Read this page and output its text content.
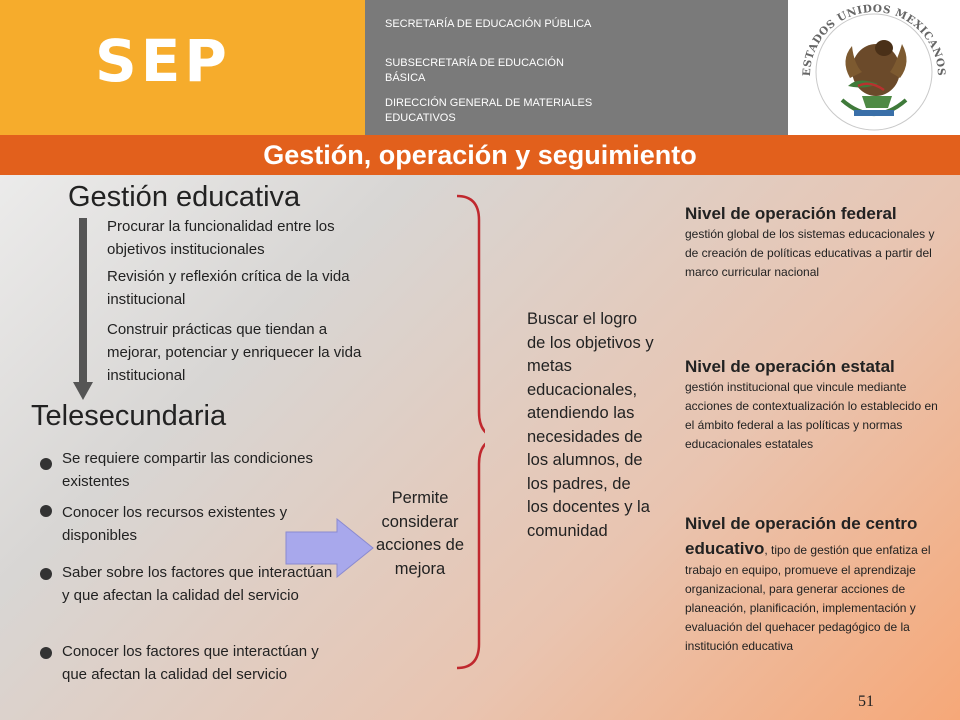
SEP
SECRETARÍA DE EDUCACIÓN PÚBLICA
SUBSECRETARÍA DE EDUCACIÓN BÁSICA
DIRECCIÓN GENERAL DE MATERIALES EDUCATIVOS
ESTADOS UNIDOS MEXICANOS
Gestión, operación y seguimiento
Gestión educativa
Procurar la funcionalidad entre los objetivos institucionales
Revisión y reflexión crítica de la vida institucional
Construir prácticas que tiendan a mejorar, potenciar y enriquecer la vida institucional
Telesecundaria
Se requiere compartir las condiciones existentes
Conocer los recursos existentes y disponibles
Saber sobre los factores que interactúan y que afectan la calidad del servicio
Conocer los factores que interactúan y que afectan la calidad del servicio
Permite considerar acciones de mejora
Buscar el logro de los objetivos y metas educacionales, atendiendo las necesidades de los alumnos, de los padres, de los docentes y la comunidad
Nivel de operación federal
gestión global de los sistemas educacionales y de creación de políticas educativas a partir del marco curricular nacional
Nivel de operación estatal
gestión institucional que vincule mediante acciones de contextualización lo establecido en el ámbito federal a las políticas y normas educacionales estatales
Nivel de operación de centro educativo, tipo de gestión que enfatiza el trabajo en equipo, promueve el aprendizaje organizacional, para generar acciones de planeación, planificación, implementación y evaluación del quehacer pedagógico de la institución educativa
51
